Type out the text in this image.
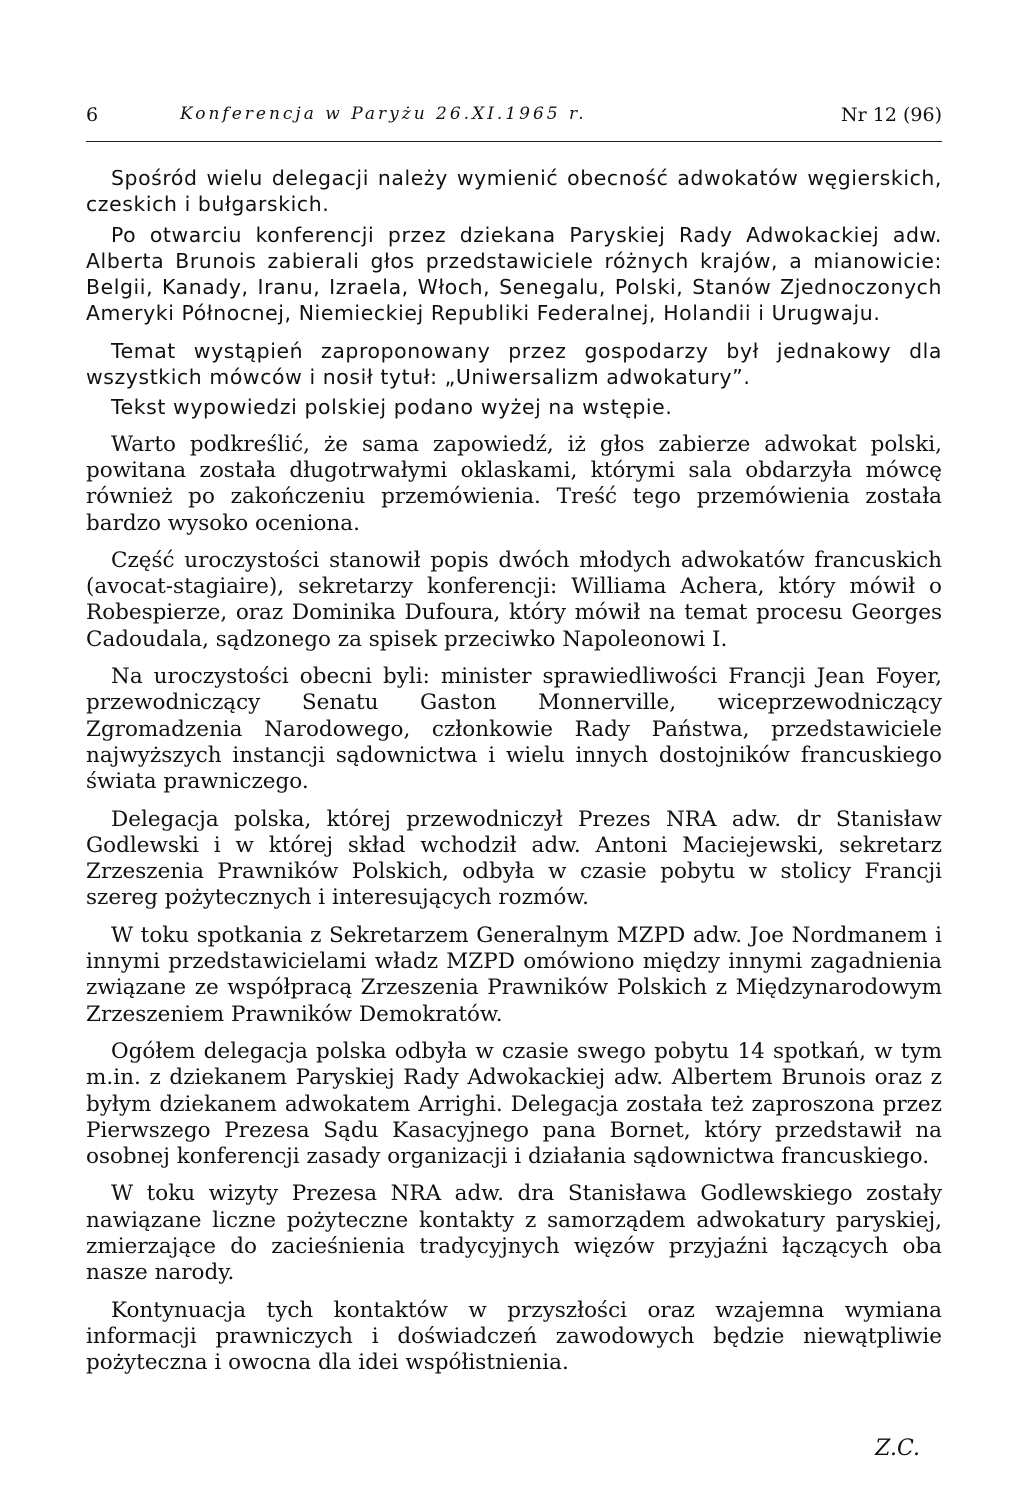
6	Konferencja w Paryżu 26.XI.1965 r.	Nr 12 (96)

Spośród wielu delegacji należy wymienić obecność adwokatów węgierskich, czeskich i bułgarskich.

Po otwarciu konferencji przez dziekana Paryskiej Rady Adwokackiej adw. Alberta Brunois zabierali głos przedstawiciele różnych krajów, a mianowicie: Belgii, Kanady, Iranu, Izraela, Włoch, Senegalu, Polski, Stanów Zjednoczonych Ameryki Północnej, Niemieckiej Republiki Federalnej, Holandii i Urugwaju.

Temat wystąpień zaproponowany przez gospodarzy był jednakowy dla wszystkich mówców i nosił tytuł: „Uniwersalizm adwokatury”.

Tekst wypowiedzi polskiej podano wyżej na wstępie.

Warto podkreślić, że sama zapowiedź, iż głos zabierze adwokat polski, powitana została długotrwałymi oklaskami, którymi sala obdarzyła mówcę również po zakończeniu przemówienia. Treść tego przemówienia została bardzo wysoko oceniona.

Część uroczystości stanowił popis dwóch młodych adwokatów francuskich (avocat-stagiaire), sekretarzy konferencji: Williama Achera, który mówił o Robespierze, oraz Dominika Dufoura, który mówił na temat procesu Georges Cadoudala, sądzonego za spisek przeciwko Napoleonowi I.

Na uroczystości obecni byli: minister sprawiedliwości Francji Jean Foyer, przewodniczący Senatu Gaston Monnerville, wiceprzewodniczący Zgromadzenia Narodowego, członkowie Rady Państwa, przedstawiciele najwyższych instancji sądownictwa i wielu innych dostojników francuskiego świata prawniczego.

Delegacja polska, której przewodniczył Prezes NRA adw. dr Stanisław Godlewski i w której skład wchodził adw. Antoni Maciejewski, sekretarz Zrzeszenia Prawników Polskich, odbyła w czasie pobytu w stolicy Francji szereg pożytecznych i interesujących rozmów.

W toku spotkania z Sekretarzem Generalnym MZPD adw. Joe Nordmanem i innymi przedstawicielami władz MZPD omówiono między innymi zagadnienia związane ze współpracą Zrzeszenia Prawników Polskich z Międzynarodowym Zrzeszeniem Prawników Demokratów.

Ogółem delegacja polska odbyła w czasie swego pobytu 14 spotkań, w tym m.in. z dziekanem Paryskiej Rady Adwokackiej adw. Albertem Brunois oraz z byłym dziekanem adwokatem Arrighi. Delegacja została też zaproszona przez Pierwszego Prezesa Sądu Kasacyjnego pana Bornet, który przedstawił na osobnej konferencji zasady organizacji i działania sądownictwa francuskiego.

W toku wizyty Prezesa NRA adw. dra Stanisława Godlewskiego zostały nawiązane liczne pożyteczne kontakty z samorządem adwokatury paryskiej, zmierzające do zacieśnienia tradycyjnych więzów przyjaźni łączących oba nasze narody.

Kontynuacja tych kontaktów w przyszłości oraz wzajemna wymiana informacji prawniczych i doświadczeń zawodowych będzie niewątpliwie pożyteczna i owocna dla idei współistnienia.

Z.C.
